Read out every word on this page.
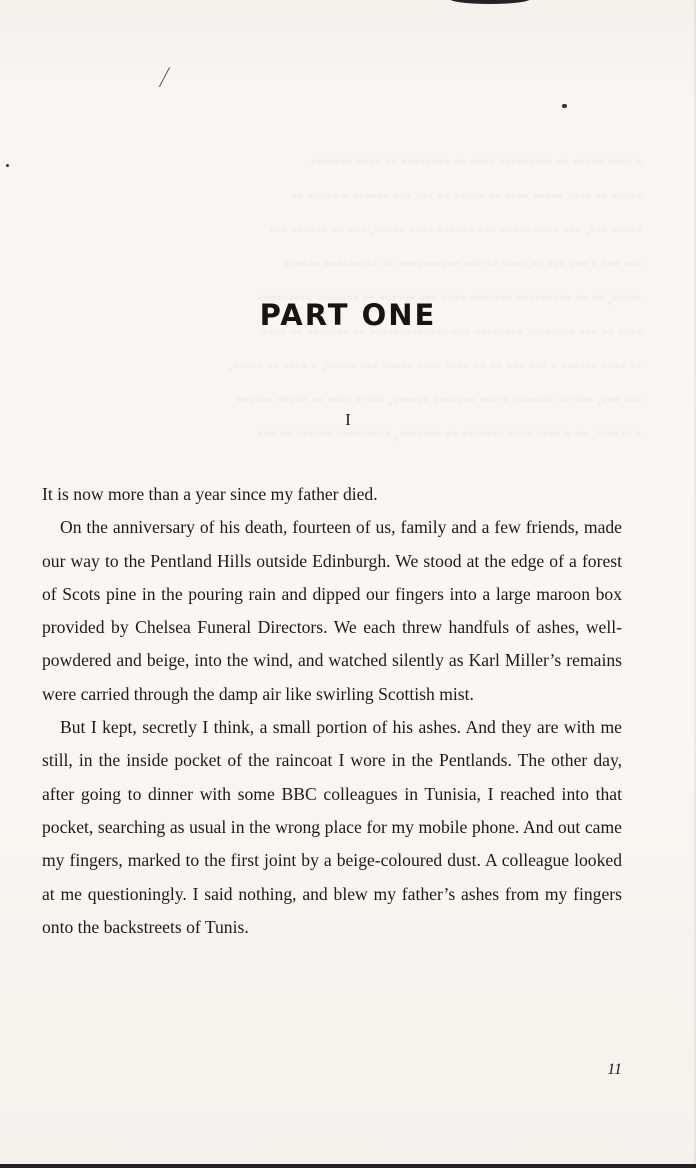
◦ ◦◦◦◦ ◦◦◦◦◦ ◦◦ ◦◦◦◦◦◦◦◦◦ ◦◦◦◦ ◦◦ ◦◦◦◦◦◦◦◦ ◦◦ ◦◦◦◦ ◦◦◦◦◦◦◦
◦◦◦◦◦ ◦◦ ◦◦◦◦ ◦◦◦◦◦ ◦◦◦◦ ◦◦ ◦◦◦◦◦ ◦◦ ◦◦◦ ◦◦◦ ◦◦◦◦◦◦ ◦ ◦◦◦◦◦ ◦◦
◦◦◦◦◦ ◦◦◦, ◦◦◦ ◦◦◦◦ ◦◦◦◦◦ ◦◦◦ ◦◦◦◦◦◦ ◦◦◦◦ ◦◦◦◦◦, ◦◦◦ ◦◦ ◦◦◦◦◦◦ ◦◦◦
◦◦◦ ◦◦◦ ◦ ◦◦◦ ◦◦◦ ◦◦ ◦◦◦◦ ◦◦ ◦◦◦ ◦◦◦◦◦◦◦◦◦◦ ◦◦ ◦◦◦◦◦◦◦◦◦ ◦◦◦◦◦◦
◦◦◦◦◦, ◦◦ ◦◦ ◦◦◦◦◦◦◦◦◦ ◦◦◦◦◦◦◦ ◦◦◦◦ ◦◦◦ ◦◦◦◦◦◦ ◦◦ ◦◦◦◦◦◦◦ ◦◦◦◦◦◦◦◦◦
◦◦◦◦ ◦◦ ◦◦◦ ◦◦◦◦◦◦◦◦ ◦◦◦◦◦◦◦◦ ◦◦◦ ◦◦◦◦◦◦◦◦◦◦◦◦◦ ◦◦ ◦◦◦◦◦◦◦ ◦◦ ◦◦◦◦
◦◦ ◦◦◦◦ ◦◦◦◦◦◦ ◦ ◦◦◦ ◦◦◦ ◦◦ ◦◦ ◦◦◦◦ ◦◦◦◦ ◦◦◦◦◦ ◦◦◦ ◦◦◦◦◦. ◦ ◦◦◦◦ ◦◦ ◦◦◦◦◦,
◦◦◦ ◦◦◦, ◦◦◦ ◦◦ ◦◦◦◦◦◦◦ ◦ ◦◦◦ ◦◦◦◦◦◦◦ ◦◦◦◦◦◦. ◦◦◦ ◦ ◦◦◦◦ ◦◦ ◦◦◦◦◦ ◦◦◦◦◦◦
◦ ◦◦◦◦◦◦. ◦◦ ◦ ◦◦◦◦ ◦◦◦◦ ◦◦◦◦◦◦◦ ◦◦ ◦◦◦◦◦◦◦, ◦◦◦◦◦◦◦◦◦ ◦◦◦◦◦◦ ◦◦ ◦◦◦
PART ONE
I

It is now more than a year since my father died.

On the anniversary of his death, fourteen of us, family and a few friends, made our way to the Pentland Hills outside Edinburgh. We stood at the edge of a forest of Scots pine in the pouring rain and dipped our fingers into a large maroon box provided by Chelsea Funeral Directors. We each threw handfuls of ashes, well-powdered and beige, into the wind, and watched silently as Karl Miller’s remains were carried through the damp air like swirling Scottish mist.

But I kept, secretly I think, a small portion of his ashes. And they are with me still, in the inside pocket of the raincoat I wore in the Pentlands. The other day, after going to dinner with some BBC colleagues in Tunisia, I reached into that pocket, searching as usual in the wrong place for my mobile phone. And out came my fingers, marked to the first joint by a beige-coloured dust. A colleague looked at me questioningly. I said nothing, and blew my father’s ashes from my fingers onto the backstreets of Tunis.

11
